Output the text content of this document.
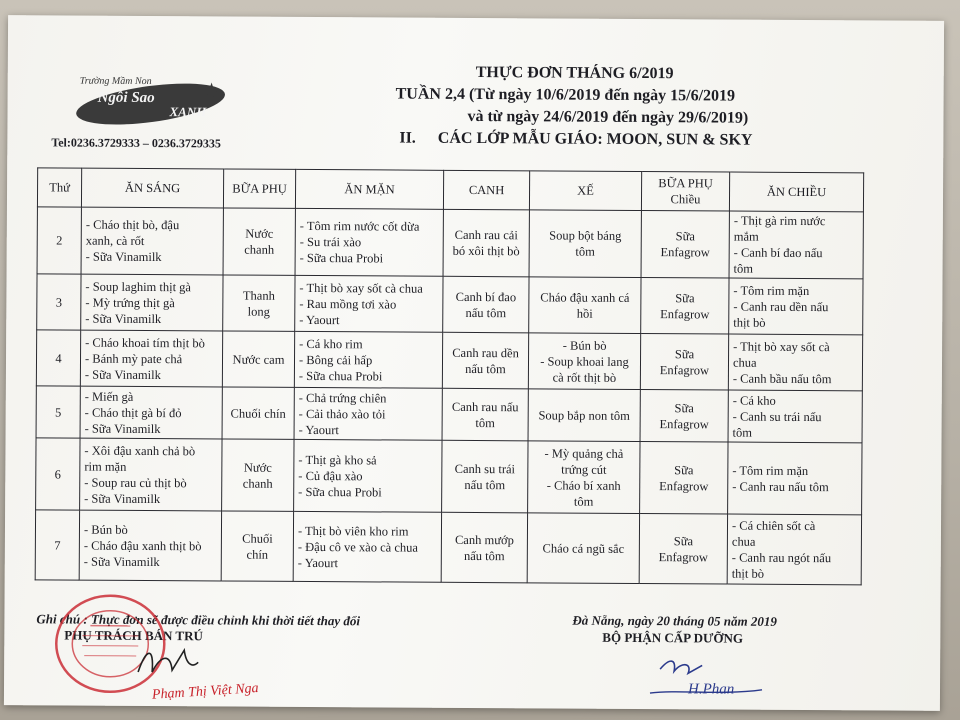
Trường Mầm Non
Ngôi Sao
XANH
★
Tel:0236.3729333 – 0236.3729335
THỰC ĐƠN THÁNG 6/2019
TUẦN 2,4 (Từ ngày 10/6/2019 đến ngày 15/6/2019
và từ ngày 24/6/2019 đến ngày 29/6/2019)
II. CÁC LỚP MẪU GIÁO: MOON, SUN & SKY
Thứ	ĂN SÁNG	BỮA PHỤ	ĂN MẶN	CANH	XẾ	BỮA PHỤ Chiều	ĂN CHIỀU
2	- Cháo thịt bò, đậu
xanh, cà rốt
- Sữa Vinamilk	Nước
chanh	- Tôm rim nước cốt dừa
- Su trái xào
- Sữa chua Probi	Canh rau cải
bó xôi thịt bò	Soup bột báng
tôm	Sữa
Enfagrow	- Thịt gà rim nước
mắm
- Canh bí đao nấu
tôm

3	- Soup laghim thịt gà
- Mỳ trứng thịt gà
- Sữa Vinamilk	Thanh
long	- Thịt bò xay sốt cà chua
- Rau mồng tơi xào
- Yaourt	Canh bí đao
nấu tôm	Cháo đậu xanh cá
hồi	Sữa
Enfagrow	- Tôm rim mặn
- Canh rau dền nấu
thịt bò

4	- Cháo khoai tím thịt bò
- Bánh mỳ pate chả
- Sữa Vinamilk	Nước cam	- Cá kho rim
- Bông cải hấp
- Sữa chua Probi	Canh rau dền
nấu tôm	- Bún bò
- Soup khoai lang
cà rốt thịt bò	Sữa
Enfagrow	- Thịt bò xay sốt cà
chua
- Canh bầu nấu tôm

5	- Miến gà
- Cháo thịt gà bí đỏ
- Sữa Vinamilk	Chuối chín	- Chả trứng chiên
- Cải thảo xào tỏi
- Yaourt	Canh rau nấu
tôm	Soup bắp non tôm	Sữa
Enfagrow	- Cá kho
- Canh su trái nấu
tôm

6	- Xôi đậu xanh chả bò
rim mặn
- Soup rau củ thịt bò
- Sữa Vinamilk	Nước
chanh	- Thịt gà kho sả
- Củ đậu xào
- Sữa chua Probi	Canh su trái
nấu tôm	- Mỳ quảng chả
trứng cút
- Cháo bí xanh
tôm	Sữa
Enfagrow	- Tôm rim mặn
- Canh rau nấu tôm

7	- Bún bò
- Cháo đậu xanh thịt bò
- Sữa Vinamilk	Chuối
chín	- Thịt bò viên kho rim
- Đậu cô ve xào cà chua
- Yaourt	Canh mướp
nấu tôm	Cháo cá ngũ sắc	Sữa
Enfagrow	- Cá chiên sốt cà
chua
- Canh rau ngót nấu
thịt bò
Ghi chú : Thực đơn sẽ được điều chỉnh khi thời tiết thay đổi
PHỤ TRÁCH BÁN TRÚ
Đà Nẵng, ngày 20 tháng 05 năm 2019
BỘ PHẬN CẤP DƯỠNG
Phạm Thị Việt Nga	H.Phan
